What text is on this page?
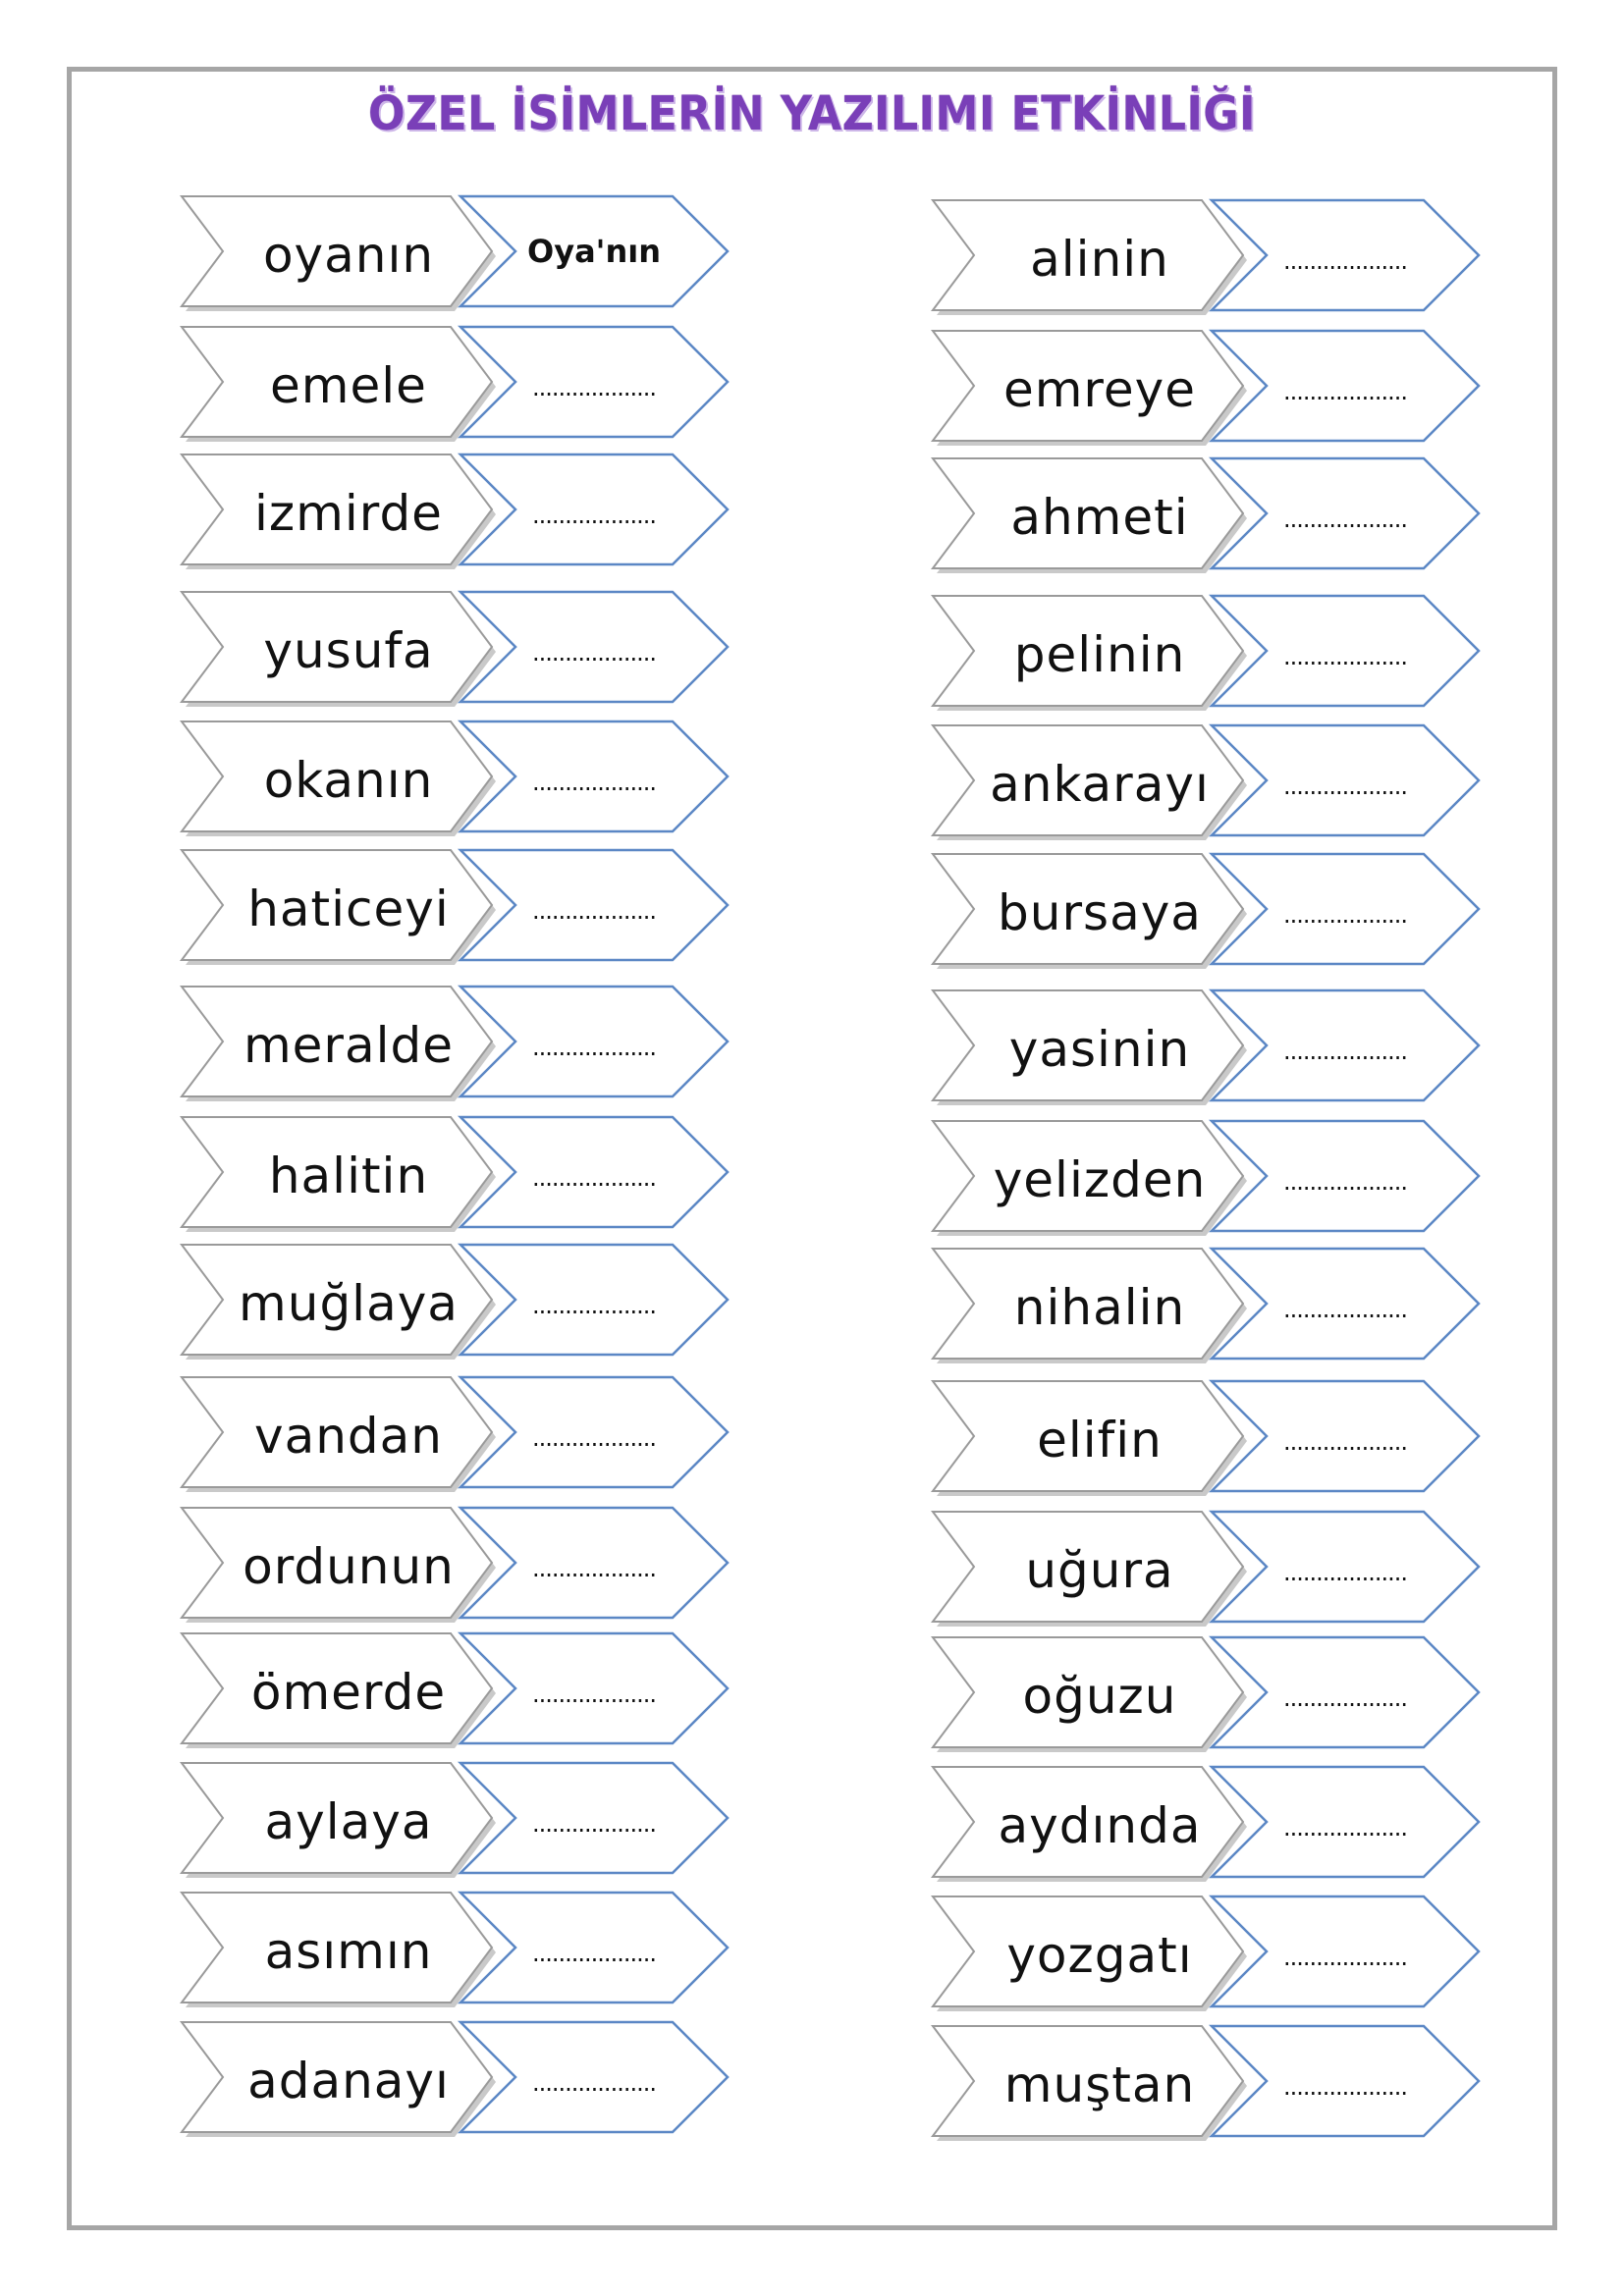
ÖZEL İSİMLERİN YAZILIMI ETKİNLİĞİ
oyanın	Oya'nın
emele	...................
izmirde	...................
yusufa	...................
okanın	...................
haticeyi	...................
meralde	...................
halitin	...................
muğlaya	...................
vandan	...................
ordunun	...................
ömerde	...................
aylaya	...................
asımın	...................
adanayı	...................
alinin	...................
emreye	...................
ahmeti	...................
pelinin	...................
ankarayı	...................
bursaya	...................
yasinin	...................
yelizden	...................
nihalin	...................
elifin	...................
uğura	...................
oğuzu	...................
aydında	...................
yozgatı	...................
muştan	...................
